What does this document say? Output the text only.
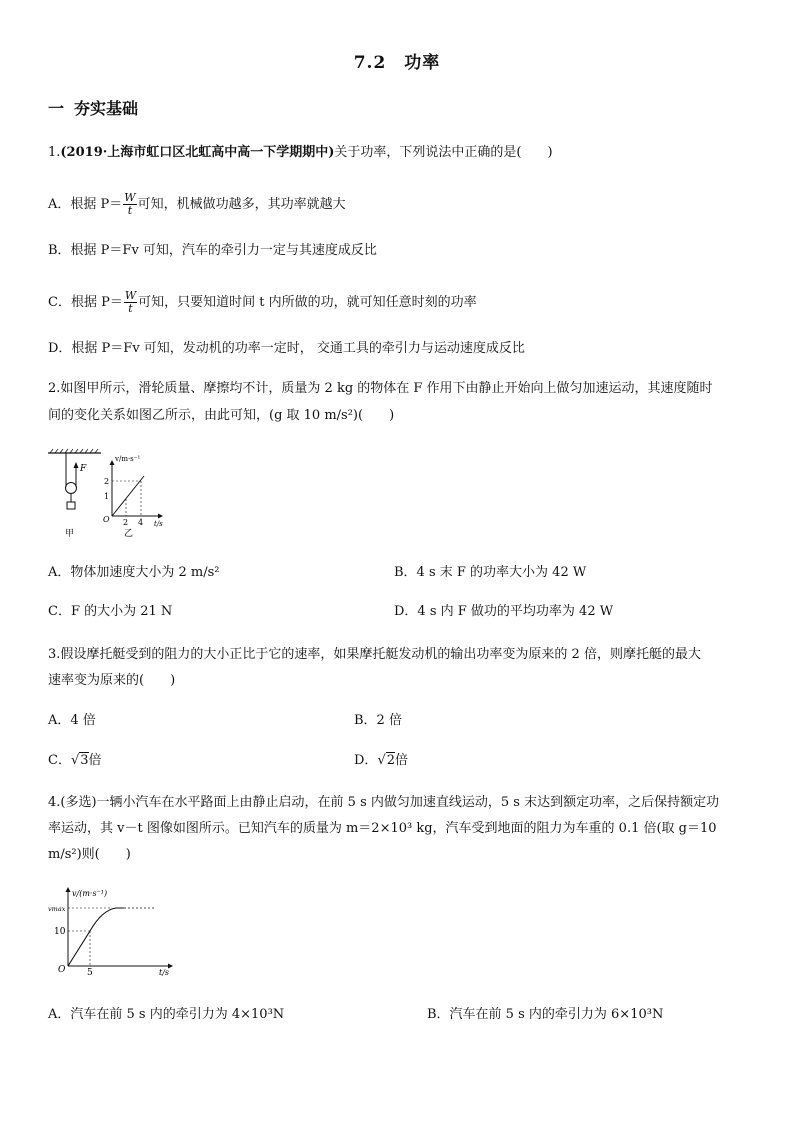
7.2 功率
一 夯实基础
1.(2019·上海市虹口区北虹高中高一下学期期中)关于功率，下列说法中正确的是(　　)
A．根据 $P= \frac{W}{t}$ 可知，机械做功越多，其功率就越大
B．根据 P＝Fv 可知，汽车的牵引力一定与其速度成反比
C．根据 $P= \frac{W}{t}$ 可知，只要知道时间 t 内所做的功，就可知任意时刻的功率
D．根据 P＝Fv 可知，发动机的功率一定时， 交通工具的牵引力与运动速度成反比
2.如图甲所示，滑轮质量、摩擦均不计，质量为 2 kg 的物体在 F 作用下由静止开始向上做匀加速运动，其速度随时
间的变化关系如图乙所示，由此可知，(g 取 10 m/s²)(　　)
F
v/m·s⁻¹
2
1
O 2 4 t/s
甲	乙
A．物体加速度大小为 2 m/s²	B．4 s 末 F 的功率大小为 42 W
C．F 的大小为 21 N	D．4 s 内 F 做功的平均功率为 42 W
3.假设摩托艇受到的阻力的大小正比于它的速率，如果摩托艇发动机的输出功率变为原来的 2 倍，则摩托艇的最大
速率变为原来的(　　)
A．4 倍	B．2 倍
C．√3倍	D．√2倍
4.(多选)一辆小汽车在水平路面上由静止启动，在前 5 s 内做匀加速直线运动，5 s 末达到额定功率，之后保持额定功
率运动，其 v－t 图像如图所示。已知汽车的质量为 m＝2×10³ kg，汽车受到地面的阻力为车重的 0.1 倍(取 g＝10
m/s²)则(　　)
v/(m·s⁻¹)
vmax
10
O 5	t/s
A．汽车在前 5 s 内的牵引力为 4×10³N	B．汽车在前 5 s 内的牵引力为 6×10³N
